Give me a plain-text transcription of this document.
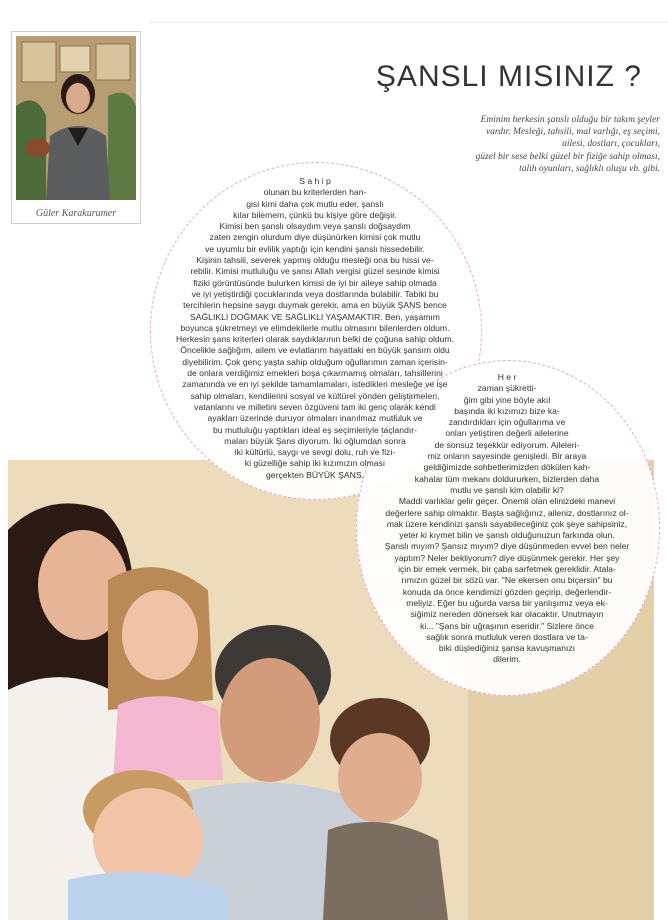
Güler Karakurumer
ŞANSLI MISINIZ ?
Eminim herkesin şanslı olduğu bir takım şeyler
vardır. Mesleği, tahsili, mal varlığı, eş seçimi,
ailesi, dostları, çocukları,
güzel bir sese belki güzel bir fiziğe sahip olması,
talih oyunları, sağlıklı oluşu vb. gibi.
S a h i p
olunan bu kriterlerden han-
gisi kimi daha çok mutlu eder, şanslı
kılar bilemem, çünkü bu kişiye göre değişir.
Kimisi ben şanslı olsaydım veya şanslı doğsaydım
zaten zengin olurdum diye düşünürken kimisi çok mutlu
ve uyumlu bir evlilik yaptığı için kendini şanslı hissedebilir.
Kişinin tahsili, severek yapmış olduğu mesleği ona bu hissi ve-
rebilir. Kimisi mutluluğu ve şansı Allah vergisi güzel sesinde kimisi
fiziki görüntüsünde bulurken kimisi de iyi bir aileye sahip olmada
ve iyi yetiştirdiği çocuklarında veya dostlarında bulabilir. Tabiki bu
tercihlerin hepsine saygı duymak gerekir, ama en büyük ŞANS bence
SAĞLIKLI DOĞMAK VE SAĞLIKLI YAŞAMAKTIR. Ben, yaşamım
boyunca şükretmeyi ve elimdekilerle mutlu olmasını bilenlerden oldum.
Herkesin şans kriterleri olarak saydıklarının belki de çoğuna sahip oldum.
Öncelikle sağlığım, ailem ve evlatlarım hayattaki en büyük şansım oldu
diyebilirim. Çok genç yaşta sahip olduğum oğullarımın zaman içerisin-
de onlara verdiğimiz emekleri boşa çıkarmamış olmaları, tahsillerini
zamanında ve en iyi şekilde tamamlamaları, istedikleri mesleğe ve işe
sahip olmaları, kendilerini sosyal ve kültürel yönden geliştirmeleri,
vatanlarını ve milletini seven özgüveni tam iki genç olarak kendi
ayakları üzerinde duruyor olmaları inanılmaz mutluluk ve
bu mutluluğu yaptıkları ideal eş seçimleriyle taçlandır-
maları büyük Şans diyorum. İki oğlumdan sonra
iki kültürlü, saygı ve sevgi dolu, ruh ve fizi-
ki güzelliğe sahip iki kızımızın olması
gerçekten BÜYÜK ŞANS.
H e r
zaman şükretti-
ğim gibi yine böyle akıl
başında iki kızımızı bize ka-
zandırdıkları için oğullarıma ve
onları yetiştiren değerli ailelerine
de sonsuz teşekkür ediyorum. Aileleri-
miz onların sayesinde genişledi. Bir araya
geldiğimizde sohbetlerimizden dökülen kah-
kahalar tüm mekanı doldururken, bizlerden daha
mutlu ve şanslı kim olabilir ki?
Maddi varlıklar gelir geçer. Önemli olan elinizdeki manevi
değerlere sahip olmaktır. Başta sağlığınız, aileniz, dostlarınız ol-
mak üzere kendinizi şanslı sayabileceğiniz çok şeye sahipsiniz,
yeter ki kıymet bilin ve şanslı olduğunuzun farkında olun.
Şanslı mıyım? Şansız mıyım? diye düşünmeden evvel ben neler
yaptım? Neler bekliyorum? diye düşünmek gerekir. Her şey
için bir emek vermek, bir çaba sarfetmek gereklidir. Atala-
rımızın güzel bir sözü var. "Ne ekersen onu biçersin" bu
konuda da önce kendimizi gözden geçirip, değerlendir-
meliyiz. Eğer bu uğurda varsa bir yanlışımız veya ek-
siğimiz nereden dönersek kar olacaktır. Unutmayın
ki... "Şans bir uğraşının eseridir." Sizlere önce
sağlık sonra mutluluk veren dostlara ve ta-
biki düşlediğiniz şansa kavuşmanızı
dilerim.
